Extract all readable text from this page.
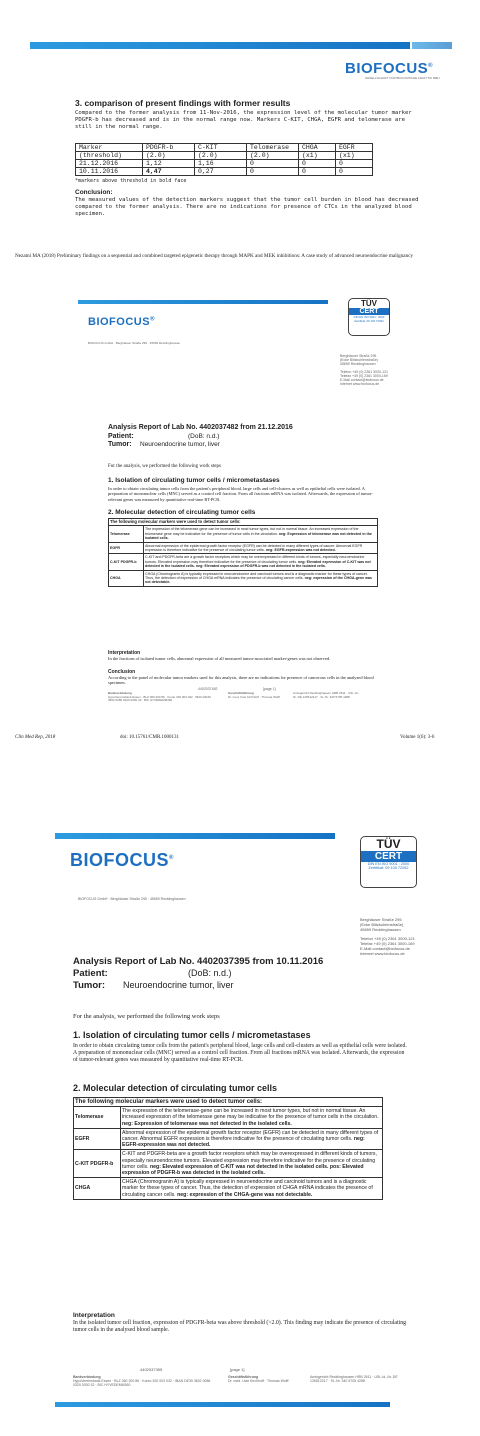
BIOFOCUS®
GESELLSCHAFT FÜR BIOLOGISCHE ANALYTIK MBH
3. comparison of present findings with former results
Compared to the former analysis from 11-Nov-2016, the expression level of the molecular tumor marker PDGFR-b has decreased and is in the normal range now. Markers C-KIT, CHGA, EGFR and telomerase are still in the normal range.
Marker	PDGFR-b	C-KIT	Telomerase	CHGA	EGFR
(threshold)	(2.0)	(2.0)	(2.0)	(x1)	(x1)
21.12.2016	1,12	1,16	0	0	0
10.11.2016	4,47	0,27	0	0	0
*markers above threshold in bold face
Conclusion:
The measured values of the detection markers suggest that the tumor cell burden in blood has decreased compared to the former analysis. There are no indications for presence of CTCs in the analyzed blood specimen.
Nezami MA (2018) Preliminary findings on a sequential and combined targeted epigenetic therapy through MAPK and MEK inhibitions: A case study of advanced neuroendocrine malignancy
BIOFOCUS®
TÜV
CERT
DIN EN ISO 9001 : 2000
Zertifikat: 09 100 72062
BIOFOCUS GmbH · Berghäuser Straße 295 · 45659 Recklinghausen
Berghäuser Straße 295
(Ecke Blitzkuhlenstraße)
45659 Recklinghausen
Telefon +49 (0) 2361 3000-121
Telefax +49 (0) 2361 3000-169
E-Mail contact@biofocus.de
Internet www.biofocus.de
Analysis Report of Lab No. 4402037482 from 21.12.2016
Patient:	(DoB: n.d.)
Tumor: Neuroendocrine tumor, liver
For the analysis, we performed the following work steps
1. Isolation of circulating tumor cells / micrometastases
In order to obtain circulating tumor cells from the patient's peripheral blood, large cells and cell-clusters as well as epithelial cells were isolated. A preparation of mononuclear cells (MNC) served as a control cell fraction. From all fractions mRNA was isolated. Afterwards, the expression of tumor-relevant genes was measured by quantitative real-time RT-PCR.
2. Molecular detection of circulating tumor cells
The following molecular markers were used to detect tumor cells:	
Telomerase	The expression of the telomerase-gene can be increased in most tumor types, but not in normal tissue. An increased expression of the telomerase gene may be indicative for the presence of tumor cells in the circulation. neg: Expression of telomerase was not detected in the isolated cells.
EGFR	Abnormal expression of the epidermal growth factor receptor (EGFR) can be detected in many different types of cancer. Abnormal EGFR expression is therefore indicative for the presence of circulating tumor cells. neg: EGFR-expression was not detected.
C-KIT PDGFR-b	C-KIT and PDGFR-beta are a growth factor receptors which may be overexpressed in different kinds of tumors, especially neuroendocrine tumors. Elevated expression may therefore indicative for the presence of circulating tumor cells. neg: Elevated expression of C-KIT was not detected in the isolated cells. neg: Elevated expression of PDGFR-b was not detected in the isolated cells.
CHGA	CHGA (Chromogranin A) is typically expressed in neuroendocrine and carcinoid tumors and is a diagnostic marker for these types of cancer. Thus, the detection of expression of CHGA mRNA indicates the presence of circulating cancer cells. neg: expression of the CHGA-gene was not detectable.
Interpretation
In the fractions of isolated tumor cells, abnormal expression of all measured tumor-associated marker-genes was not observed.
Conclusion
According to the panel of molecular tumor markers used for this analysis, there are no indications for presence of cancerous cells in the analyzed blood specimen.
4402037482	[page 1]
Bankverbindung
HypoVereinsbank Essen · BLZ 360 200 86 · Konto 320 003 032 · IBAN DE39 3602 0086 0320 0030 32 · BIC HYVEDEMM360
Geschäftsführung
Dr. med. Uwe Kirchhoff · Thomas Wolff
Amtsgericht Recklinghausen HRB 2611 · USt.-Id.-Nr. DE 126512317 · St.-Nr. 340 5705 4288
Clin Med Rep, 2018	doi: 10.15761/CMR.1000131	Volume 1(6): 3-6
BIOFOCUS®
TÜV
CERT
DIN EN ISO 9001 : 2000
Zertifikat: 09 100 72062
BIOFOCUS GmbH · Berghäuser Straße 295 · 45659 Recklinghausen
Berghäuser Straße 295
(Ecke Blitzkuhlenstraße)
45659 Recklinghausen
Telefon +49 (0) 2361 3000-121
Telefax +49 (0) 2361 3000-169
E-Mail contact@biofocus.de
Internet www.biofocus.de
Analysis Report of Lab No. 4402037395 from 10.11.2016
Patient:	(DoB: n.d.)
Tumor: Neuroendocrine tumor, liver
For the analysis, we performed the following work steps
1. Isolation of circulating tumor cells / micrometastases
In order to obtain circulating tumor cells from the patient's peripheral blood, large cells and cell-clusters as well as epithelial cells were isolated. A preparation of mononuclear cells (MNC) served as a control cell fraction. From all fractions mRNA was isolated. Afterwards, the expression of tumor-relevant genes was measured by quantitative real-time RT-PCR.
2. Molecular detection of circulating tumor cells
The following molecular markers were used to detect tumor cells:	
Telomerase	The expression of the telomerase-gene can be increased in most tumor types, but not in normal tissue. An increased expression of the telomerase gene may be indicative for the presence of tumor cells in the circulation. neg: Expression of telomerase was not detected in the isolated cells.
EGFR	Abnormal expression of the epidermal growth factor receptor (EGFR) can be detected in many different types of cancer. Abnormal EGFR expression is therefore indicative for the presence of circulating tumor cells. neg: EGFR-expression was not detected.
C-KIT PDGFR-b	C-KIT and PDGFR-beta are a growth factor receptors which may be overexpressed in different kinds of tumors, especially neuroendocrine tumors. Elevated expression may therefore indicative for the presence of circulating tumor cells. neg: Elevated expression of C-KIT was not detected in the isolated cells. pos: Elevated expression of PDGFR-b was detected in the isolated cells.
CHGA	CHGA (Chromogranin A) is typically expressed in neuroendocrine and carcinoid tumors and is a diagnostic marker for these types of cancer. Thus, the detection of expression of CHGA mRNA indicates the presence of circulating cancer cells. neg: expression of the CHGA-gene was not detectable.
Interpretation
In the isolated tumor cell fraction, expression of PDGFR-beta was above threshold (>2.0). This finding may indicate the presence of circulating tumor cells in the analysed blood sample.
4402037395	[page 1]
Bankverbindung
HypoVereinsbank Essen · BLZ 360 200 86 · Konto 320 003 032 · IBAN DE39 3602 0086 0320 0030 32 · BIC HYVEDEMM360
Geschäftsführung
Dr. med. Uwe Kirchhoff · Thomas Wolff
Amtsgericht Recklinghausen HRB 2611 · USt.-Id.-Nr. DE 126512317 · St.-Nr. 340 5705 4288
